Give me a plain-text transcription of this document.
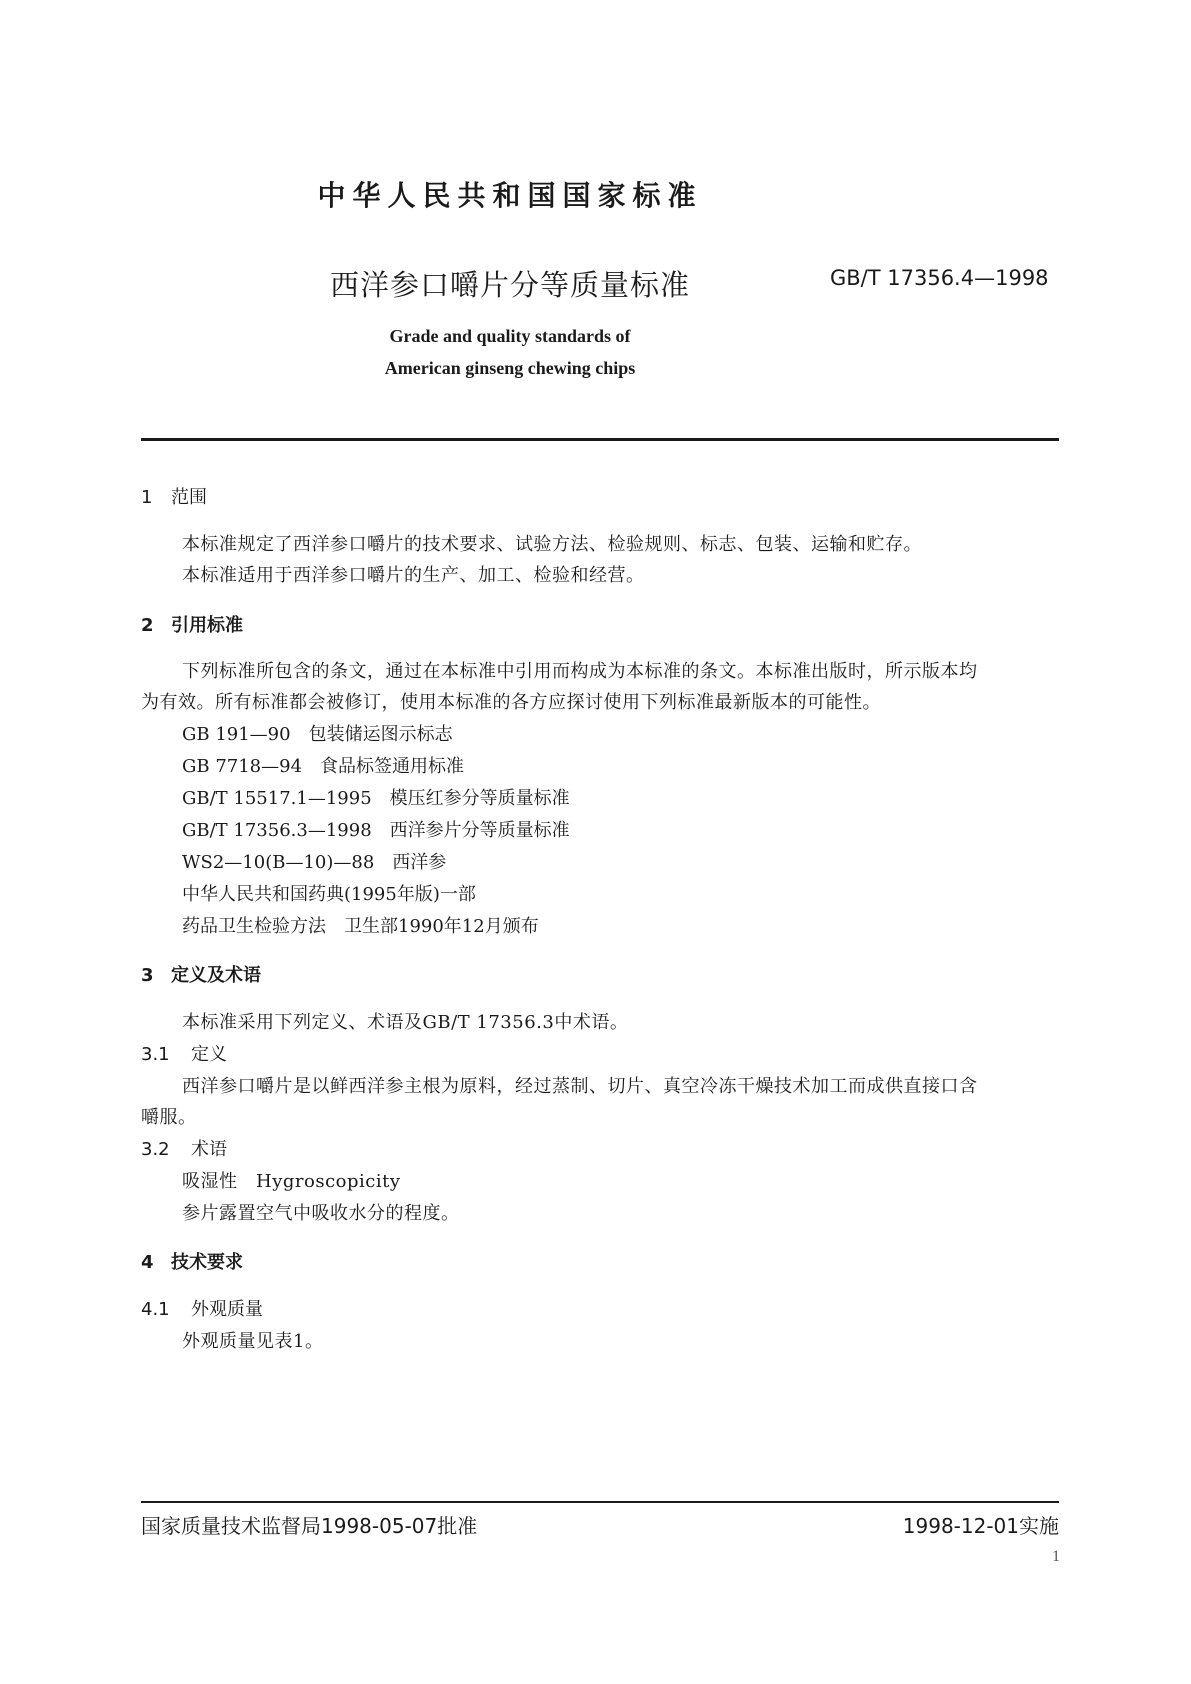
中华人民共和国国家标准
西洋参口嚼片分等质量标准	GB/T 17356.4—1998
Grade and quality standards of
American ginseng chewing chips
1 范围
本标准规定了西洋参口嚼片的技术要求、试验方法、检验规则、标志、包装、运输和贮存。
本标准适用于西洋参口嚼片的生产、加工、检验和经营。
2 引用标准
下列标准所包含的条文，通过在本标准中引用而构成为本标准的条文。本标准出版时，所示版本均
为有效。所有标准都会被修订，使用本标准的各方应探讨使用下列标准最新版本的可能性。
GB 191—90 包装储运图示标志
GB 7718—94 食品标签通用标准
GB/T 15517.1—1995 模压红参分等质量标准
GB/T 17356.3—1998 西洋参片分等质量标准
WS2—10(B—10)—88 西洋参
中华人民共和国药典(1995年版)一部
药品卫生检验方法 卫生部1990年12月颁布
3 定义及术语
本标准采用下列定义、术语及GB/T 17356.3中术语。
3.1 定义
西洋参口嚼片是以鲜西洋参主根为原料，经过蒸制、切片、真空冷冻干燥技术加工而成供直接口含
嚼服。
3.2 术语
吸湿性　Hygroscopicity
参片露置空气中吸收水分的程度。
4 技术要求
4.1 外观质量
外观质量见表1。
国家质量技术监督局1998-05-07批准	1998-12-01实施
1
